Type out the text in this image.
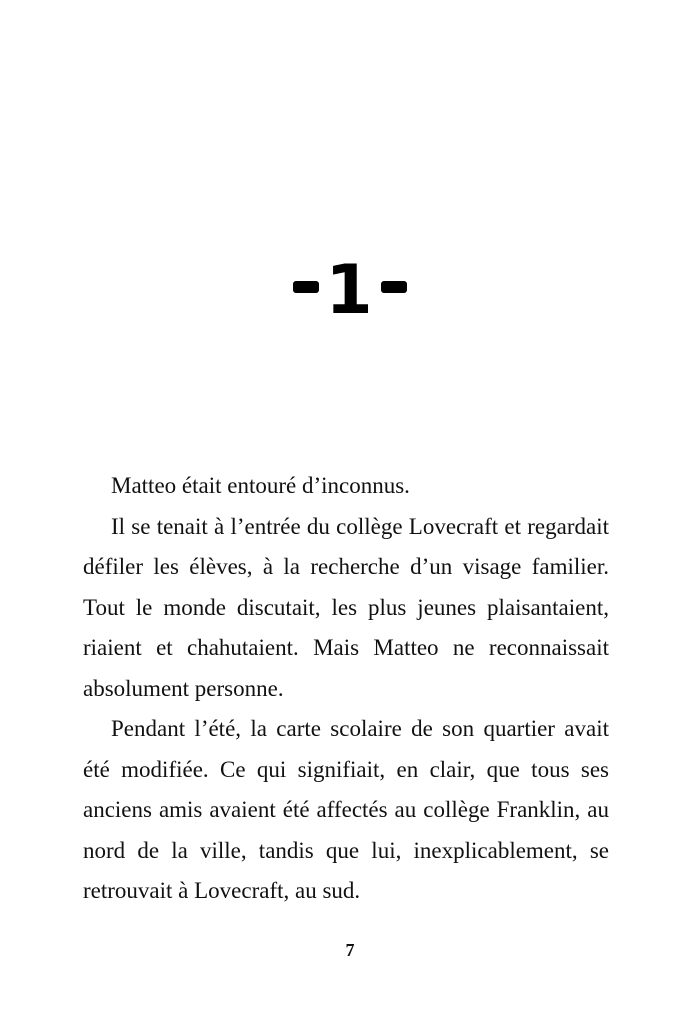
1

Matteo était entouré d’inconnus.

Il se tenait à l’entrée du collège Lovecraft et regardait défiler les élèves, à la recherche d’un visage familier. Tout le monde discutait, les plus jeunes plaisantaient, riaient et chahutaient. Mais Matteo ne reconnaissait absolument personne.

Pendant l’été, la carte scolaire de son quartier avait été modifiée. Ce qui signifiait, en clair, que tous ses anciens amis avaient été affectés au collège Franklin, au nord de la ville, tandis que lui, inexplicablement, se retrouvait à Lovecraft, au sud.

7
